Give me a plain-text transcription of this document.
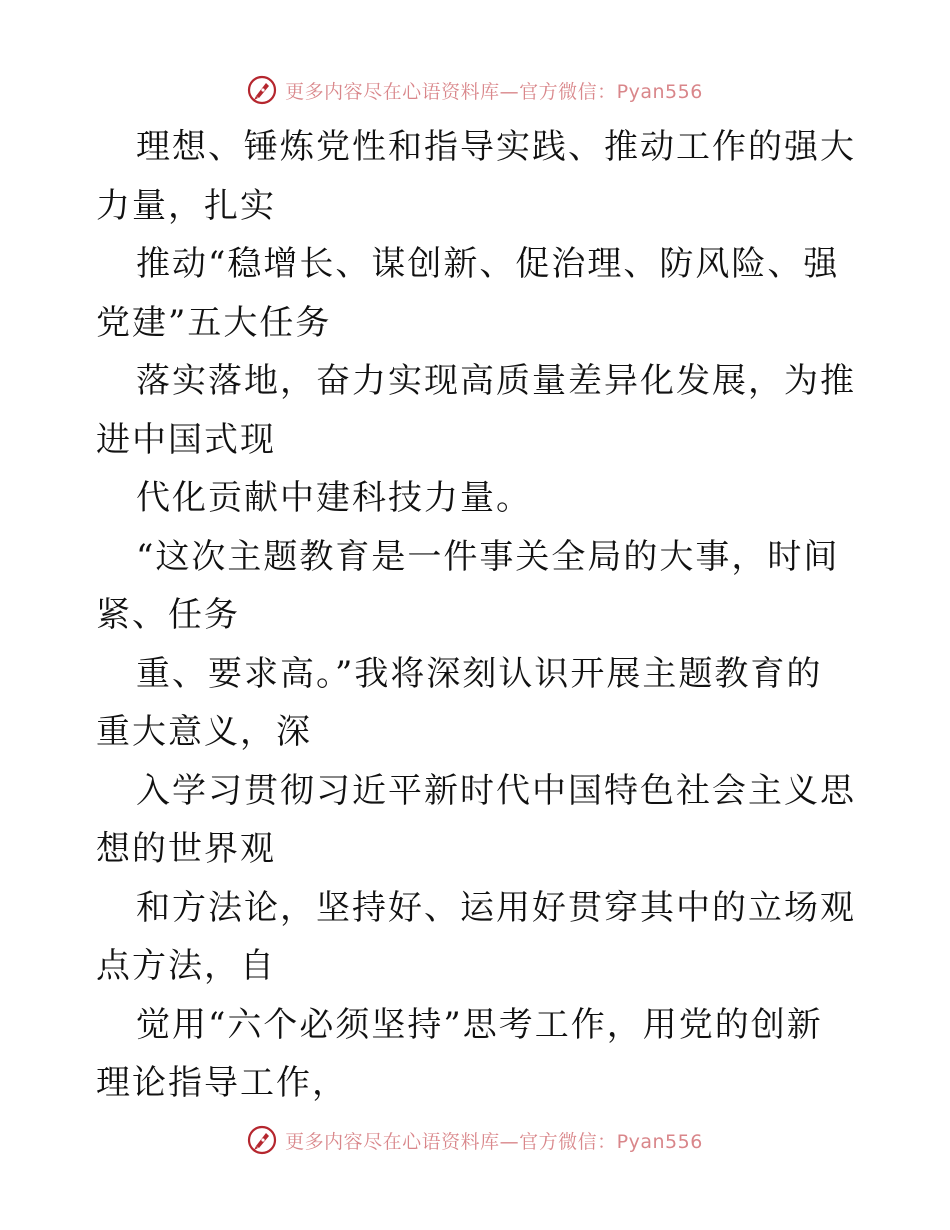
更多内容尽在心语资料库—官方微信：Pyan556

理想、锤炼党性和指导实践、推动工作的强大力量，扎实

推动“稳增长、谋创新、促治理、防风险、强党建”五大任务

落实落地，奋力实现高质量差异化发展，为推进中国式现

代化贡献中建科技力量。

“这次主题教育是一件事关全局的大事，时间紧、任务

重、要求高。”我将深刻认识开展主题教育的重大意义，深

入学习贯彻习近平新时代中国特色社会主义思想的世界观

和方法论，坚持好、运用好贯穿其中的立场观点方法，自

觉用“六个必须坚持”思考工作，用党的创新理论指导工作，

更多内容尽在心语资料库—官方微信：Pyan556
